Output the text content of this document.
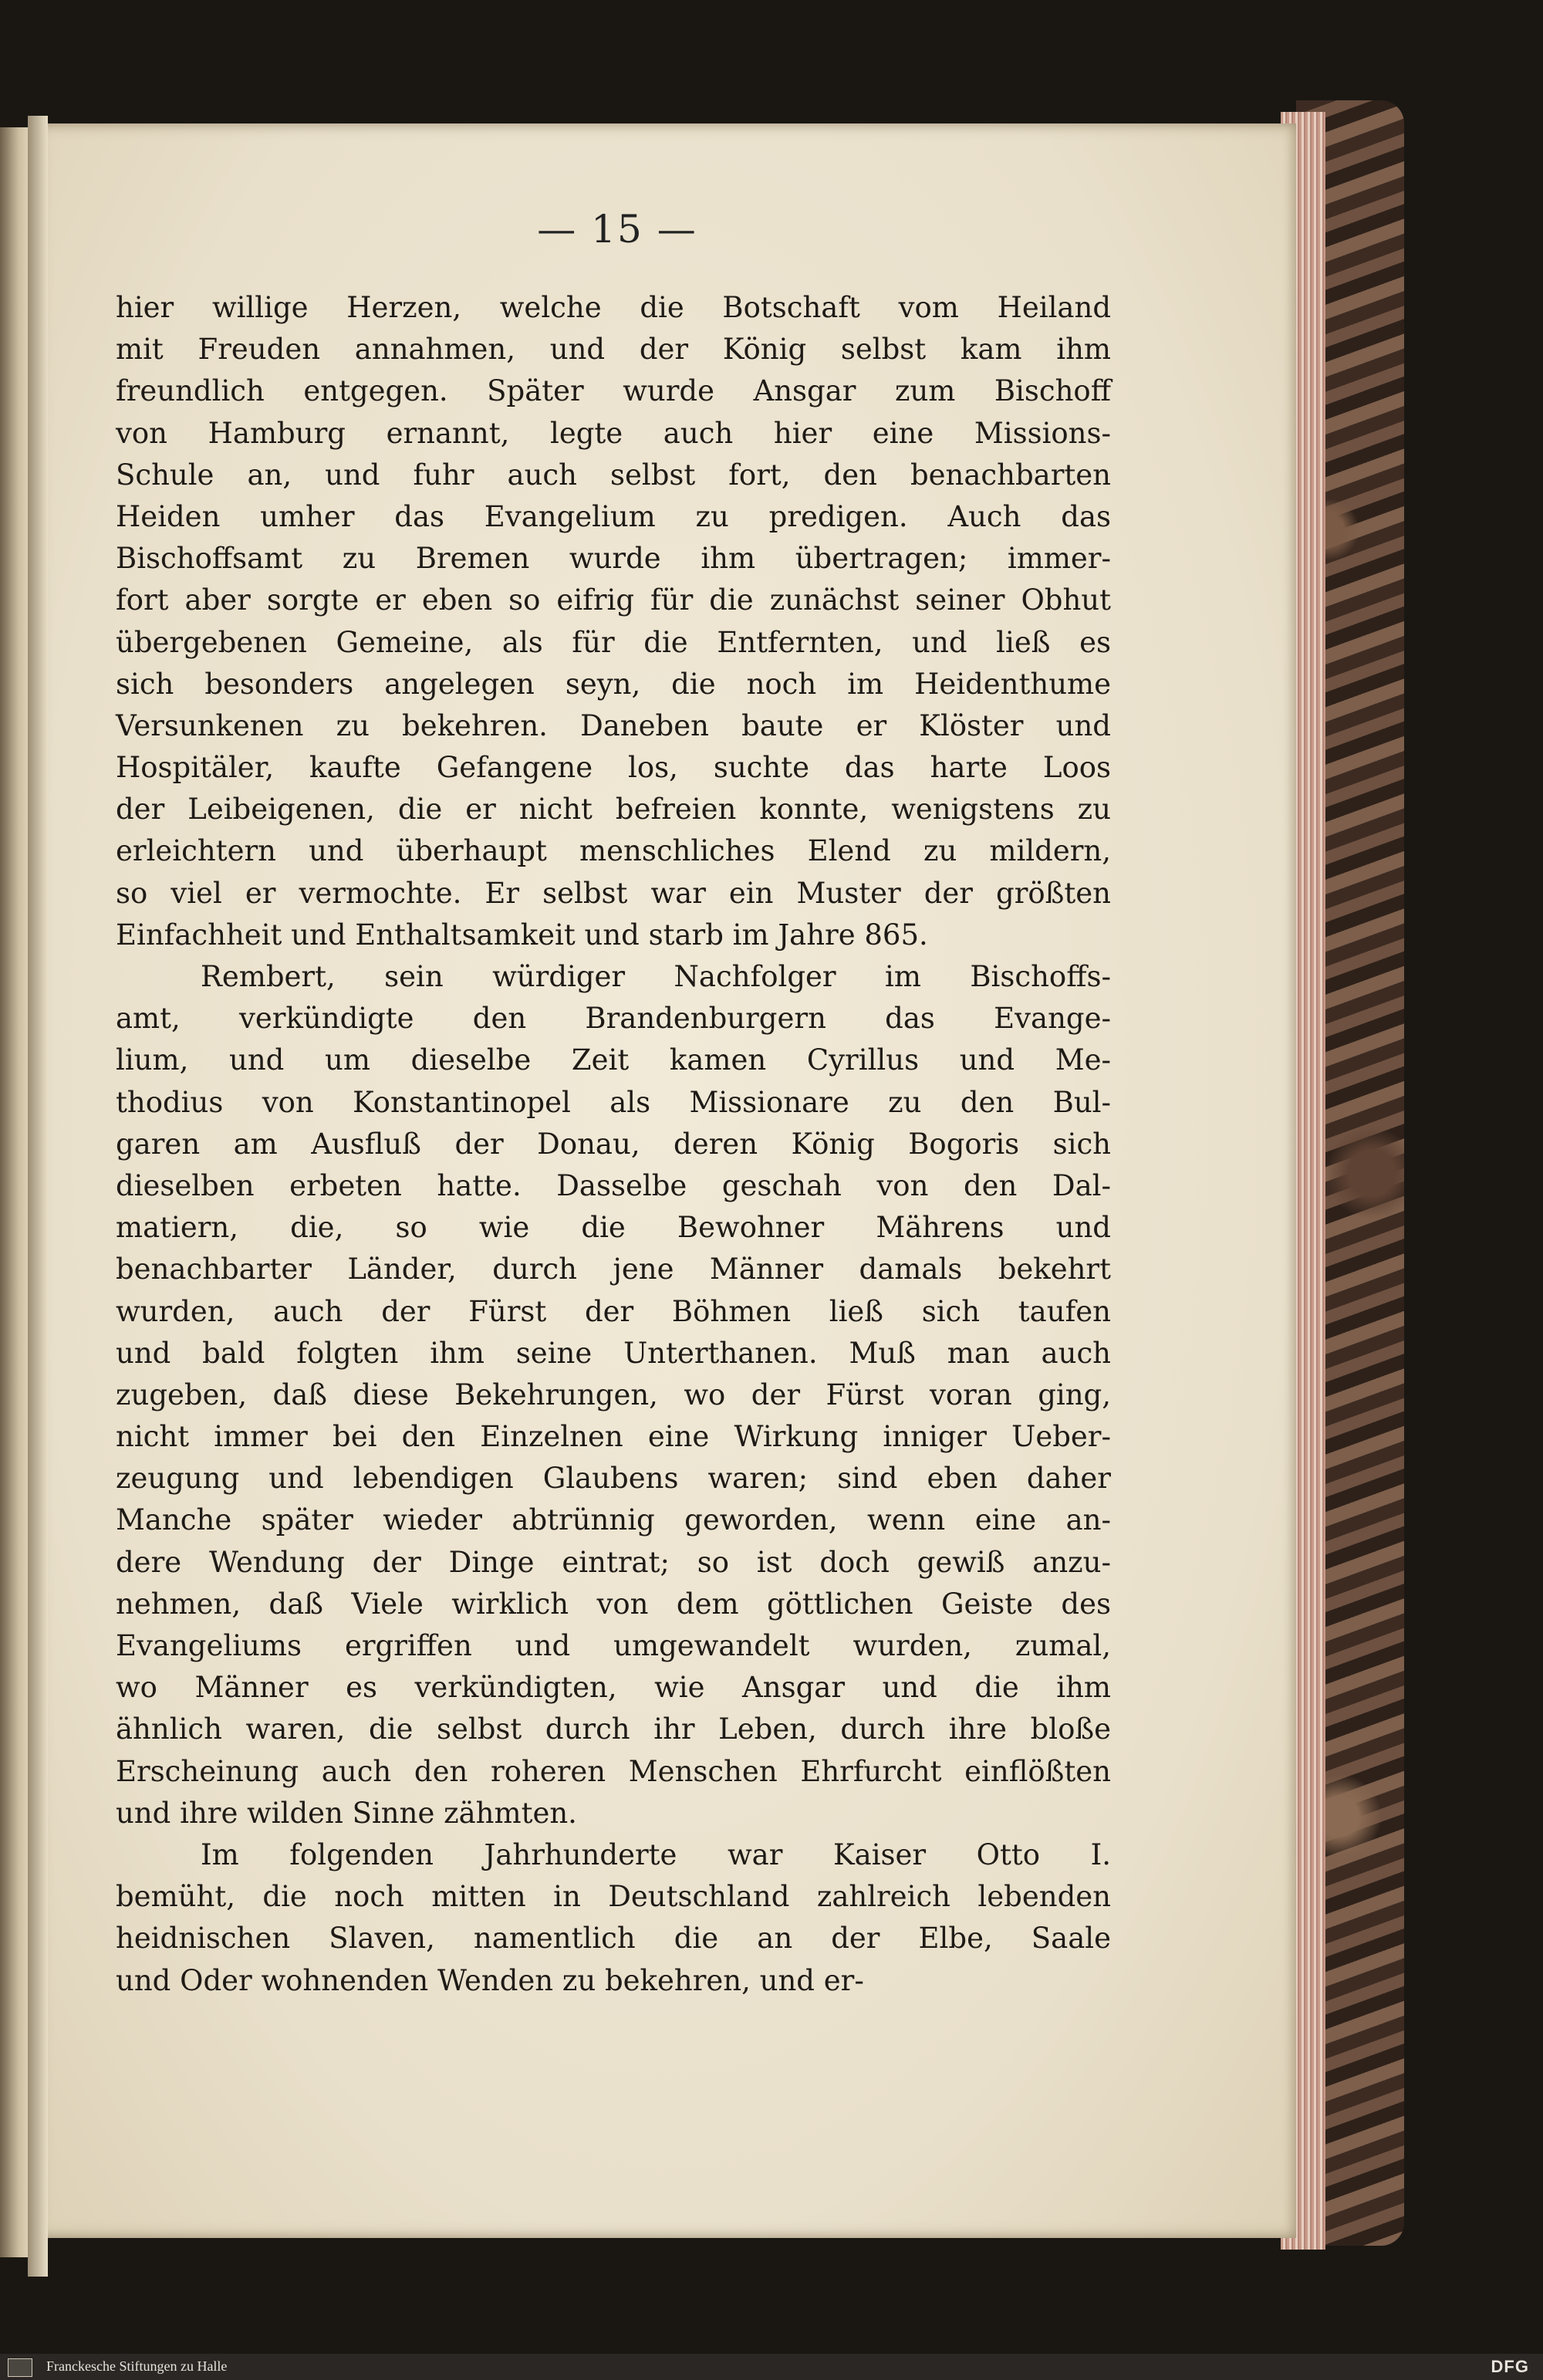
— 15 —
hier willige Herzen, welche die Botschaft vom Heiland
mit Freuden annahmen, und der König selbst kam ihm
freundlich entgegen. Später wurde Ansgar zum Bischoff
von Hamburg ernannt, legte auch hier eine Missions-
Schule an, und fuhr auch selbst fort, den benachbarten
Heiden umher das Evangelium zu predigen. Auch das
Bischoffsamt zu Bremen wurde ihm übertragen; immer-
fort aber sorgte er eben so eifrig für die zunächst seiner Obhut
übergebenen Gemeine, als für die Entfernten, und ließ es
sich besonders angelegen seyn, die noch im Heidenthume
Versunkenen zu bekehren. Daneben baute er Klöster und
Hospitäler, kaufte Gefangene los, suchte das harte Loos
der Leibeigenen, die er nicht befreien konnte, wenigstens zu
erleichtern und überhaupt menschliches Elend zu mildern,
so viel er vermochte. Er selbst war ein Muster der größten
Einfachheit und Enthaltsamkeit und starb im Jahre 865.
Rembert, sein würdiger Nachfolger im Bischoffs-
amt, verkündigte den Brandenburgern das Evange-
lium, und um dieselbe Zeit kamen Cyrillus und Me-
thodius von Konstantinopel als Missionare zu den Bul-
garen am Ausfluß der Donau, deren König Bogoris sich
dieselben erbeten hatte. Dasselbe geschah von den Dal-
matiern, die, so wie die Bewohner Mährens und
benachbarter Länder, durch jene Männer damals bekehrt
wurden, auch der Fürst der Böhmen ließ sich taufen
und bald folgten ihm seine Unterthanen. Muß man auch
zugeben, daß diese Bekehrungen, wo der Fürst voran ging,
nicht immer bei den Einzelnen eine Wirkung inniger Ueber-
zeugung und lebendigen Glaubens waren; sind eben daher
Manche später wieder abtrünnig geworden, wenn eine an-
dere Wendung der Dinge eintrat; so ist doch gewiß anzu-
nehmen, daß Viele wirklich von dem göttlichen Geiste des
Evangeliums ergriffen und umgewandelt wurden, zumal,
wo Männer es verkündigten, wie Ansgar und die ihm
ähnlich waren, die selbst durch ihr Leben, durch ihre bloße
Erscheinung auch den roheren Menschen Ehrfurcht einflößten
und ihre wilden Sinne zähmten.
Im folgenden Jahrhunderte war Kaiser Otto I.
bemüht, die noch mitten in Deutschland zahlreich lebenden
heidnischen Slaven, namentlich die an der Elbe, Saale
und Oder wohnenden Wenden zu bekehren, und er-
Franckesche Stiftungen zu Halle	DFG
